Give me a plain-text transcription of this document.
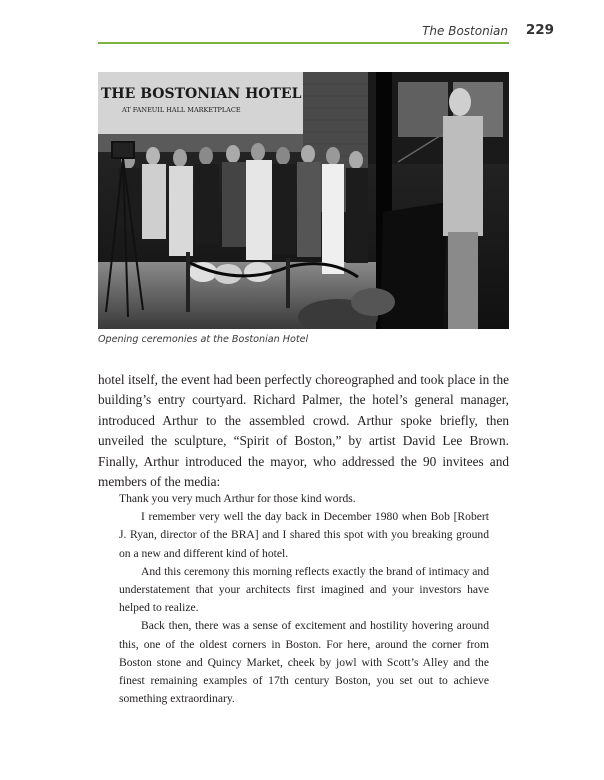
The Bostonian 229
THE BOSTONIAN HOTEL
AT FANEUIL HALL MARKETPLACE
Opening ceremonies at the Bostonian Hotel

hotel itself, the event had been perfectly choreographed and took place in the building’s entry courtyard. Richard Palmer, the hotel’s general manager, introduced Arthur to the assembled crowd. Arthur spoke briefly, then unveiled the sculpture, “Spirit of Boston,” by artist David Lee Brown. Finally, Arthur introduced the mayor, who addressed the 90 invitees and members of the media:

Thank you very much Arthur for those kind words.

I remember very well the day back in December 1980 when Bob [Robert J. Ryan, director of the BRA] and I shared this spot with you breaking ground on a new and different kind of hotel.

And this ceremony this morning reflects exactly the brand of intimacy and understatement that your architects first imagined and your investors have helped to realize.

Back then, there was a sense of excitement and hostility hovering around this, one of the oldest corners in Boston. For here, around the corner from Boston stone and Quincy Market, cheek by jowl with Scott’s Alley and the finest remaining examples of 17th century Boston, you set out to achieve something extraordinary.
